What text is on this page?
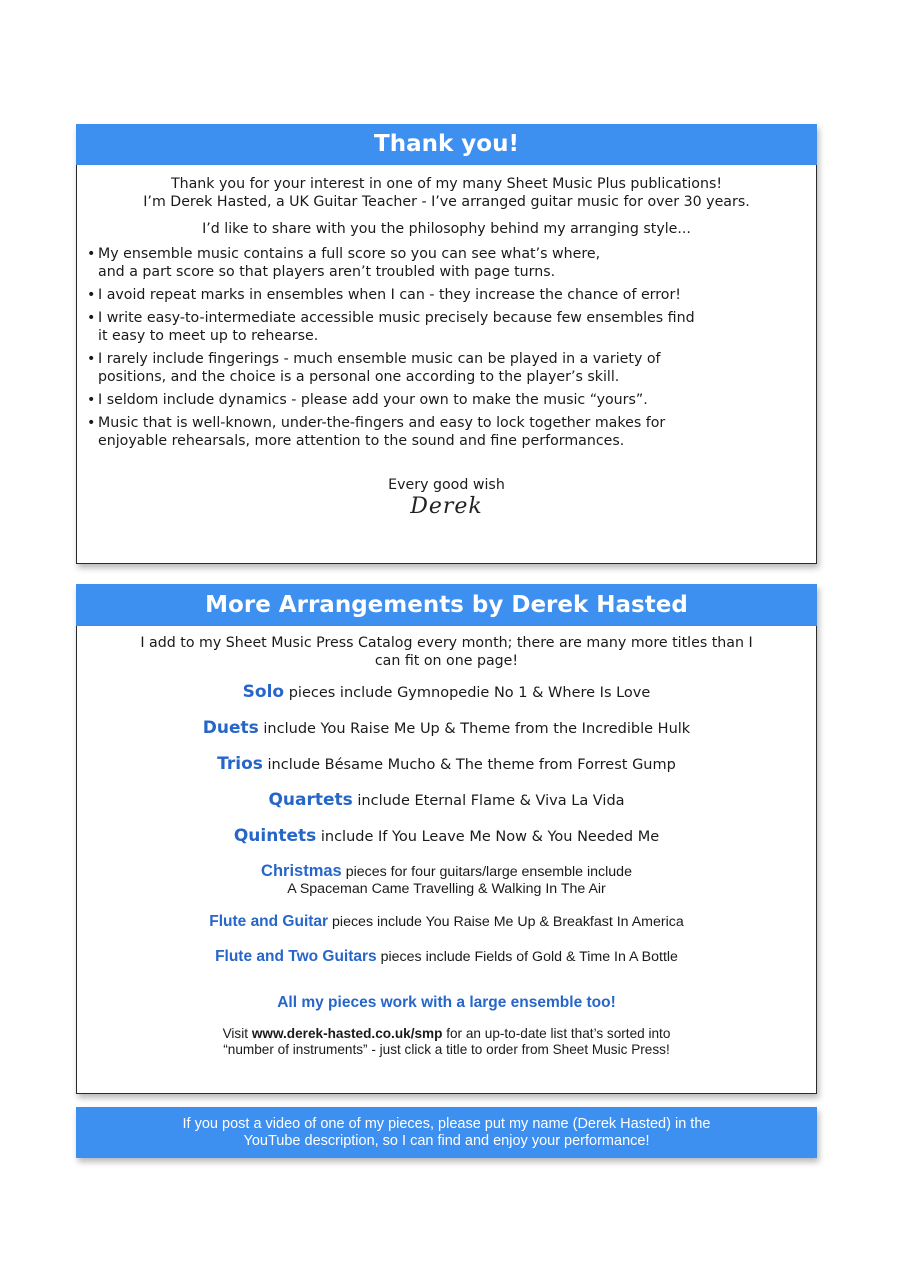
Thank you!
Thank you for your interest in one of my many Sheet Music Plus publications!
I’m Derek Hasted, a UK Guitar Teacher - I’ve arranged guitar music for over 30 years.
I’d like to share with you the philosophy behind my arranging style...
• My ensemble music contains a full score so you can see what’s where,
and a part score so that players aren’t troubled with page turns.
• I avoid repeat marks in ensembles when I can - they increase the chance of error!
• I write easy-to-intermediate accessible music precisely because few ensembles find
it easy to meet up to rehearse.
• I rarely include fingerings - much ensemble music can be played in a variety of
positions, and the choice is a personal one according to the player’s skill.
• I seldom include dynamics - please add your own to make the music “yours”.
• Music that is well-known, under-the-fingers and easy to lock together makes for
enjoyable rehearsals, more attention to the sound and fine performances.
Every good wish
Derek
More Arrangements by Derek Hasted
I add to my Sheet Music Press Catalog every month; there are many more titles than I
can fit on one page!
Solo pieces include Gymnopedie No 1 & Where Is Love
Duets include You Raise Me Up & Theme from the Incredible Hulk
Trios include Bésame Mucho & The theme from Forrest Gump
Quartets include Eternal Flame & Viva La Vida
Quintets include If You Leave Me Now & You Needed Me
Christmas pieces for four guitars/large ensemble include
A Spaceman Came Travelling & Walking In The Air
Flute and Guitar pieces include You Raise Me Up & Breakfast In America
Flute and Two Guitars pieces include Fields of Gold & Time In A Bottle
All my pieces work with a large ensemble too!
Visit www.derek-hasted.co.uk/smp for an up-to-date list that’s sorted into
“number of instruments” - just click a title to order from Sheet Music Press!
If you post a video of one of my pieces, please put my name (Derek Hasted) in the
YouTube description, so I can find and enjoy your performance!
